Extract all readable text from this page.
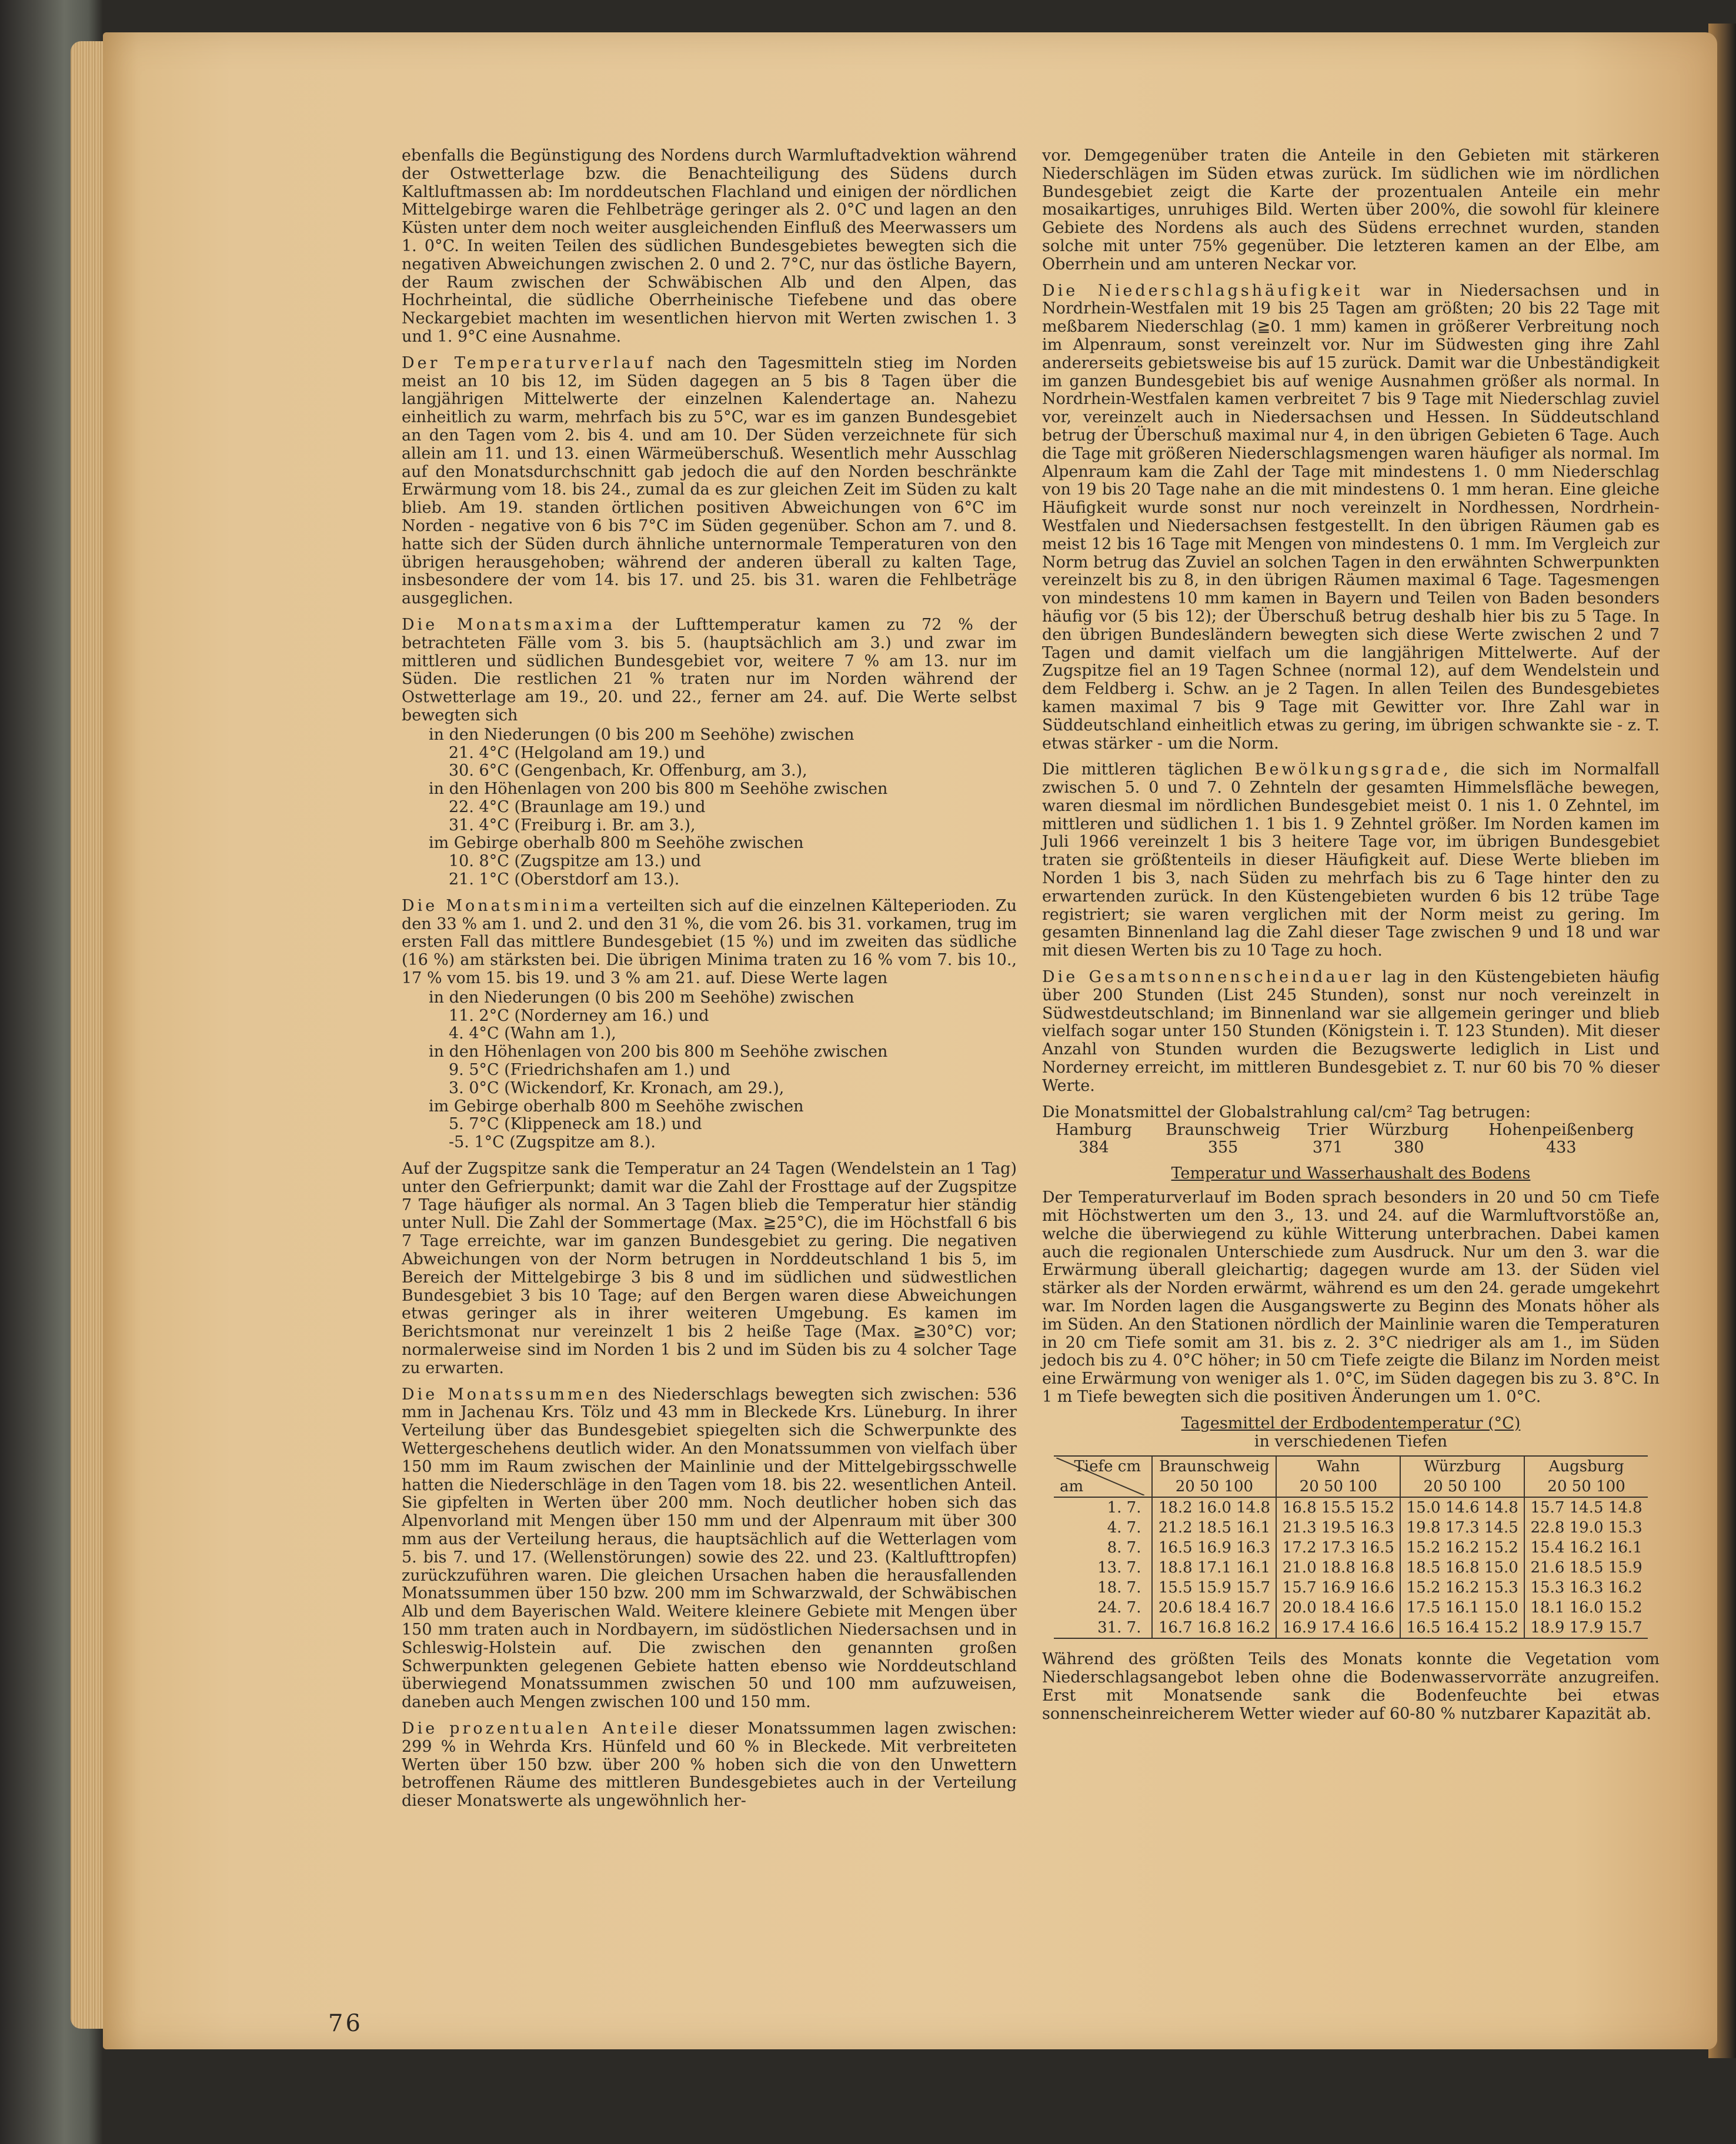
ebenfalls die Begünstigung des Nordens durch Warmluftadvektion während der Ostwetterlage bzw. die Benachteiligung des Südens durch Kaltluftmassen ab: Im norddeutschen Flachland und einigen der nördlichen Mittelgebirge waren die Fehlbeträge geringer als 2. 0°C und lagen an den Küsten unter dem noch weiter ausgleichenden Einfluß des Meerwassers um 1. 0°C. In weiten Teilen des südlichen Bundesgebietes bewegten sich die negativen Abweichungen zwischen 2. 0 und 2. 7°C, nur das östliche Bayern, der Raum zwischen der Schwäbischen Alb und den Alpen, das Hochrheintal, die südliche Oberrheinische Tiefebene und das obere Neckargebiet machten im wesentlichen hiervon mit Werten zwischen 1. 3 und 1. 9°C eine Ausnahme.

Der Temperaturverlauf nach den Tagesmitteln stieg im Norden meist an 10 bis 12, im Süden dagegen an 5 bis 8 Tagen über die langjährigen Mittelwerte der einzelnen Kalendertage an. Nahezu einheitlich zu warm, mehrfach bis zu 5°C, war es im ganzen Bundesgebiet an den Tagen vom 2. bis 4. und am 10. Der Süden verzeichnete für sich allein am 11. und 13. einen Wärmeüberschuß. Wesentlich mehr Ausschlag auf den Monatsdurchschnitt gab jedoch die auf den Norden beschränkte Erwärmung vom 18. bis 24., zumal da es zur gleichen Zeit im Süden zu kalt blieb. Am 19. standen örtlichen positiven Abweichungen von 6°C im Norden - negative von 6 bis 7°C im Süden gegenüber. Schon am 7. und 8. hatte sich der Süden durch ähnliche unternormale Temperaturen von den übrigen herausgehoben; während der anderen überall zu kalten Tage, insbesondere der vom 14. bis 17. und 25. bis 31. waren die Fehlbeträge ausgeglichen.

Die Monatsmaxima der Lufttemperatur kamen zu 72 % der betrachteten Fälle vom 3. bis 5. (hauptsächlich am 3.) und zwar im mittleren und südlichen Bundesgebiet vor, weitere 7 % am 13. nur im Süden. Die restlichen 21 % traten nur im Norden während der Ostwetterlage am 19., 20. und 22., ferner am 24. auf. Die Werte selbst bewegten sich

in den Niederungen (0 bis 200 m Seehöhe) zwischen
21. 4°C (Helgoland am 19.) und
30. 6°C (Gengenbach, Kr. Offenburg, am 3.),
in den Höhenlagen von 200 bis 800 m Seehöhe zwischen
22. 4°C (Braunlage am 19.) und
31. 4°C (Freiburg i. Br. am 3.),
im Gebirge oberhalb 800 m Seehöhe zwischen
10. 8°C (Zugspitze am 13.) und
21. 1°C (Oberstdorf am 13.).

Die Monatsminima verteilten sich auf die einzelnen Kälteperioden. Zu den 33 % am 1. und 2. und den 31 %, die vom 26. bis 31. vorkamen, trug im ersten Fall das mittlere Bundesgebiet (15 %) und im zweiten das südliche (16 %) am stärksten bei. Die übrigen Minima traten zu 16 % vom 7. bis 10., 17 % vom 15. bis 19. und 3 % am 21. auf. Diese Werte lagen

in den Niederungen (0 bis 200 m Seehöhe) zwischen
11. 2°C (Norderney am 16.) und
4. 4°C (Wahn am 1.),
in den Höhenlagen von 200 bis 800 m Seehöhe zwischen
9. 5°C (Friedrichshafen am 1.) und
3. 0°C (Wickendorf, Kr. Kronach, am 29.),
im Gebirge oberhalb 800 m Seehöhe zwischen
5. 7°C (Klippeneck am 18.) und
-5. 1°C (Zugspitze am 8.).

Auf der Zugspitze sank die Temperatur an 24 Tagen (Wendelstein an 1 Tag) unter den Gefrierpunkt; damit war die Zahl der Frosttage auf der Zugspitze 7 Tage häufiger als normal. An 3 Tagen blieb die Temperatur hier ständig unter Null. Die Zahl der Sommertage (Max. ≧25°C), die im Höchstfall 6 bis 7 Tage erreichte, war im ganzen Bundesgebiet zu gering. Die negativen Abweichungen von der Norm betrugen in Norddeutschland 1 bis 5, im Bereich der Mittelgebirge 3 bis 8 und im südlichen und südwestlichen Bundesgebiet 3 bis 10 Tage; auf den Bergen waren diese Abweichungen etwas geringer als in ihrer weiteren Umgebung. Es kamen im Berichtsmonat nur vereinzelt 1 bis 2 heiße Tage (Max. ≧30°C) vor; normalerweise sind im Norden 1 bis 2 und im Süden bis zu 4 solcher Tage zu erwarten.

Die Monatssummen des Niederschlags bewegten sich zwischen: 536 mm in Jachenau Krs. Tölz und 43 mm in Bleckede Krs. Lüneburg. In ihrer Verteilung über das Bundesgebiet spiegelten sich die Schwerpunkte des Wettergeschehens deutlich wider. An den Monatssummen von vielfach über 150 mm im Raum zwischen der Mainlinie und der Mittelgebirgsschwelle hatten die Niederschläge in den Tagen vom 18. bis 22. wesentlichen Anteil. Sie gipfelten in Werten über 200 mm. Noch deutlicher hoben sich das Alpenvorland mit Mengen über 150 mm und der Alpenraum mit über 300 mm aus der Verteilung heraus, die hauptsächlich auf die Wetterlagen vom 5. bis 7. und 17. (Wellenstörungen) sowie des 22. und 23. (Kaltlufttropfen) zurückzuführen waren. Die gleichen Ursachen haben die herausfallenden Monatssummen über 150 bzw. 200 mm im Schwarzwald, der Schwäbischen Alb und dem Bayerischen Wald. Weitere kleinere Gebiete mit Mengen über 150 mm traten auch in Nordbayern, im südöstlichen Niedersachsen und in Schleswig-Holstein auf. Die zwischen den genannten großen Schwerpunkten gelegenen Gebiete hatten ebenso wie Norddeutschland überwiegend Monatssummen zwischen 50 und 100 mm aufzuweisen, daneben auch Mengen zwischen 100 und 150 mm.

Die prozentualen Anteile dieser Monatssummen lagen zwischen: 299 % in Wehrda Krs. Hünfeld und 60 % in Bleckede. Mit verbreiteten Werten über 150 bzw. über 200 % hoben sich die von den Unwettern betroffenen Räume des mittleren Bundesgebietes auch in der Verteilung dieser Monatswerte als ungewöhnlich her-

vor. Demgegenüber traten die Anteile in den Gebieten mit stärkeren Niederschlägen im Süden etwas zurück. Im südlichen wie im nördlichen Bundesgebiet zeigt die Karte der prozentualen Anteile ein mehr mosaikartiges, unruhiges Bild. Werten über 200%, die sowohl für kleinere Gebiete des Nordens als auch des Südens errechnet wurden, standen solche mit unter 75% gegenüber. Die letzteren kamen an der Elbe, am Oberrhein und am unteren Neckar vor.

Die Niederschlagshäufigkeit war in Niedersachsen und in Nordrhein-Westfalen mit 19 bis 25 Tagen am größten; 20 bis 22 Tage mit meßbarem Niederschlag (≧0. 1 mm) kamen in größerer Verbreitung noch im Alpenraum, sonst vereinzelt vor. Nur im Südwesten ging ihre Zahl andererseits gebietsweise bis auf 15 zurück. Damit war die Unbeständigkeit im ganzen Bundesgebiet bis auf wenige Ausnahmen größer als normal. In Nordrhein-Westfalen kamen verbreitet 7 bis 9 Tage mit Niederschlag zuviel vor, vereinzelt auch in Niedersachsen und Hessen. In Süddeutschland betrug der Überschuß maximal nur 4, in den übrigen Gebieten 6 Tage. Auch die Tage mit größeren Niederschlagsmengen waren häufiger als normal. Im Alpenraum kam die Zahl der Tage mit mindestens 1. 0 mm Niederschlag von 19 bis 20 Tage nahe an die mit mindestens 0. 1 mm heran. Eine gleiche Häufigkeit wurde sonst nur noch vereinzelt in Nordhessen, Nordrhein-Westfalen und Niedersachsen festgestellt. In den übrigen Räumen gab es meist 12 bis 16 Tage mit Mengen von mindestens 0. 1 mm. Im Vergleich zur Norm betrug das Zuviel an solchen Tagen in den erwähnten Schwerpunkten vereinzelt bis zu 8, in den übrigen Räumen maximal 6 Tage. Tagesmengen von mindestens 10 mm kamen in Bayern und Teilen von Baden besonders häufig vor (5 bis 12); der Überschuß betrug deshalb hier bis zu 5 Tage. In den übrigen Bundesländern bewegten sich diese Werte zwischen 2 und 7 Tagen und damit vielfach um die langjährigen Mittelwerte. Auf der Zugspitze fiel an 19 Tagen Schnee (normal 12), auf dem Wendelstein und dem Feldberg i. Schw. an je 2 Tagen. In allen Teilen des Bundesgebietes kamen maximal 7 bis 9 Tage mit Gewitter vor. Ihre Zahl war in Süddeutschland einheitlich etwas zu gering, im übrigen schwankte sie - z. T. etwas stärker - um die Norm.

Die mittleren täglichen Bewölkungsgrade, die sich im Normalfall zwischen 5. 0 und 7. 0 Zehnteln der gesamten Himmelsfläche bewegen, waren diesmal im nördlichen Bundesgebiet meist 0. 1 nis 1. 0 Zehntel, im mittleren und südlichen 1. 1 bis 1. 9 Zehntel größer. Im Norden kamen im Juli 1966 vereinzelt 1 bis 3 heitere Tage vor, im übrigen Bundesgebiet traten sie größtenteils in dieser Häufigkeit auf. Diese Werte blieben im Norden 1 bis 3, nach Süden zu mehrfach bis zu 6 Tage hinter den zu erwartenden zurück. In den Küstengebieten wurden 6 bis 12 trübe Tage registriert; sie waren verglichen mit der Norm meist zu gering. Im gesamten Binnenland lag die Zahl dieser Tage zwischen 9 und 18 und war mit diesen Werten bis zu 10 Tage zu hoch.

Die Gesamtsonnenscheindauer lag in den Küstengebieten häufig über 200 Stunden (List 245 Stunden), sonst nur noch vereinzelt in Südwestdeutschland; im Binnenland war sie allgemein geringer und blieb vielfach sogar unter 150 Stunden (Königstein i. T. 123 Stunden). Mit dieser Anzahl von Stunden wurden die Bezugswerte lediglich in List und Norderney erreicht, im mittleren Bundesgebiet z. T. nur 60 bis 70 % dieser Werte.

Die Monatsmittel der Globalstrahlung cal/cm² Tag betrugen:
Hamburg	Braunschweig	Trier	Würzburg	Hohenpeißenberg
384	355	371	380	433
Temperatur und Wasserhaushalt des Bodens

Der Temperaturverlauf im Boden sprach besonders in 20 und 50 cm Tiefe mit Höchstwerten um den 3., 13. und 24. auf die Warmluftvorstöße an, welche die überwiegend zu kühle Witterung unterbrachen. Dabei kamen auch die regionalen Unterschiede zum Ausdruck. Nur um den 3. war die Erwärmung überall gleichartig; dagegen wurde am 13. der Süden viel stärker als der Norden erwärmt, während es um den 24. gerade umgekehrt war. Im Norden lagen die Ausgangswerte zu Beginn des Monats höher als im Süden. An den Stationen nördlich der Mainlinie waren die Temperaturen in 20 cm Tiefe somit am 31. bis z. 2. 3°C niedriger als am 1., im Süden jedoch bis zu 4. 0°C höher; in 50 cm Tiefe zeigte die Bilanz im Norden meist eine Erwärmung von weniger als 1. 0°C, im Süden dagegen bis zu 3. 8°C. In 1 m Tiefe bewegten sich die positiven Änderungen um 1. 0°C.

Tagesmittel der Erdbodentemperatur (°C)
in verschiedenen Tiefen
Tiefe cm
am	Braunschweig	Wahn	Würzburg	Augsburg
	20 50 100	20 50 100	20 50 100	20 50 100
1. 7.	18.2 16.0 14.8	16.8 15.5 15.2	15.0 14.6 14.8	15.7 14.5 14.8
4. 7.	21.2 18.5 16.1	21.3 19.5 16.3	19.8 17.3 14.5	22.8 19.0 15.3
8. 7.	16.5 16.9 16.3	17.2 17.3 16.5	15.2 16.2 15.2	15.4 16.2 16.1
13. 7.	18.8 17.1 16.1	21.0 18.8 16.8	18.5 16.8 15.0	21.6 18.5 15.9
18. 7.	15.5 15.9 15.7	15.7 16.9 16.6	15.2 16.2 15.3	15.3 16.3 16.2
24. 7.	20.6 18.4 16.7	20.0 18.4 16.6	17.5 16.1 15.0	18.1 16.0 15.2
31. 7.	16.7 16.8 16.2	16.9 17.4 16.6	16.5 16.4 15.2	18.9 17.9 15.7

Während des größten Teils des Monats konnte die Vegetation vom Niederschlagsangebot leben ohne die Bodenwasservorräte anzugreifen. Erst mit Monatsende sank die Bodenfeuchte bei etwas sonnenscheinreicherem Wetter wieder auf 60-80 % nutzbarer Kapazität ab.

76
